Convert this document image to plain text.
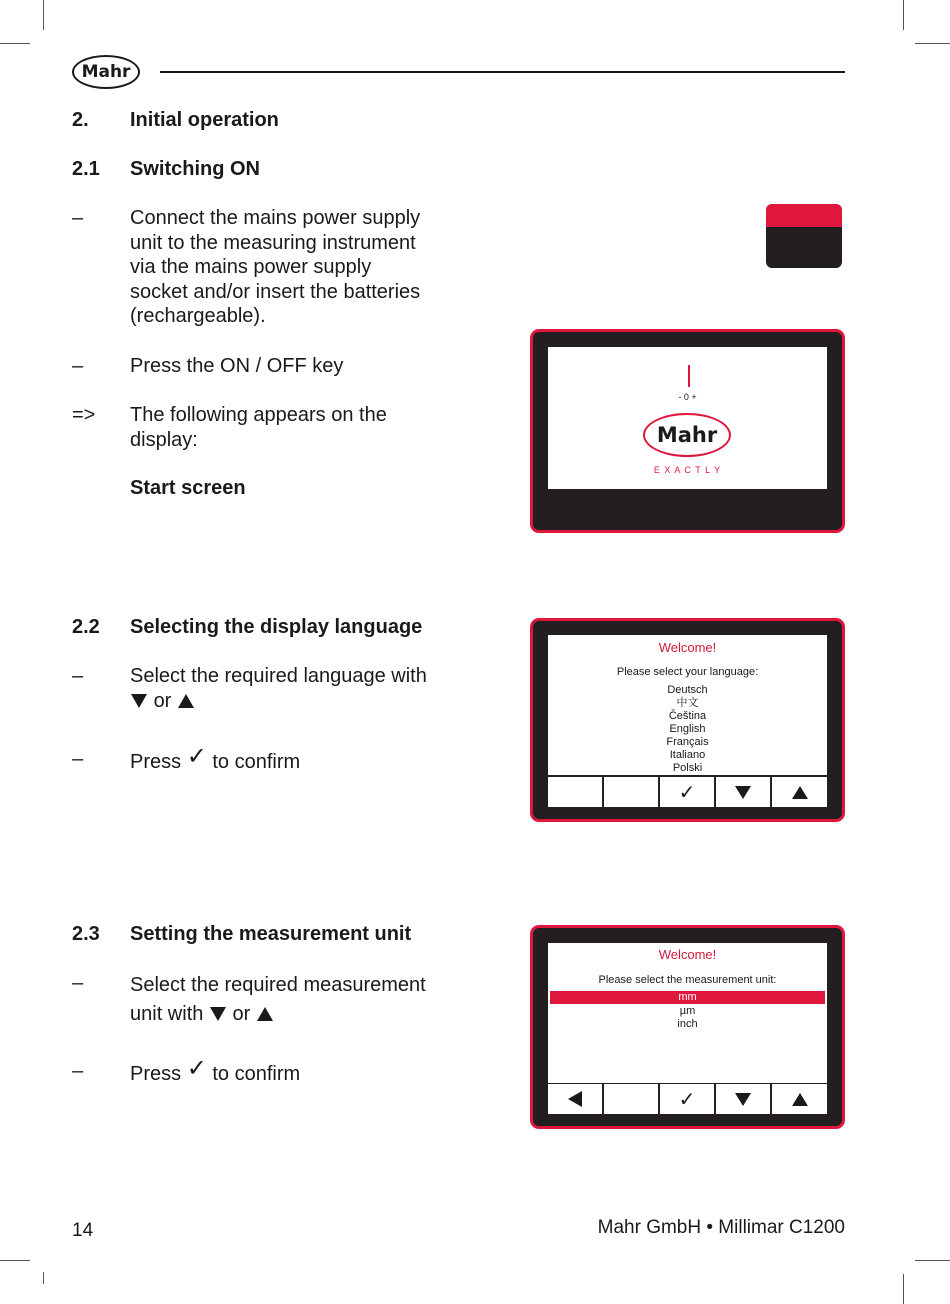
Mahr
2. Initial operation
2.1 Switching ON
– Connect the mains power supply
unit to the measuring instrument
via the mains power supply
socket and/or insert the batteries
(rechargeable).
– Press the ON / OFF key
=> The following appears on the
display:
Start screen
- 0 +
Mahr
E X A C T L Y
2.2 Selecting the display language
– Select the required language with
or
– Press ✓ to confirm
Welcome!
Please select your language:
Deutsch
中文
Čeština
English
Français
Italiano
Polski
✓
2.3 Setting the measurement unit
– Select the required measurement
unit with or
– Press ✓ to confirm
Welcome!
Please select the measurement unit:
mm
µm
inch
✓
14	Mahr GmbH • Millimar C1200
